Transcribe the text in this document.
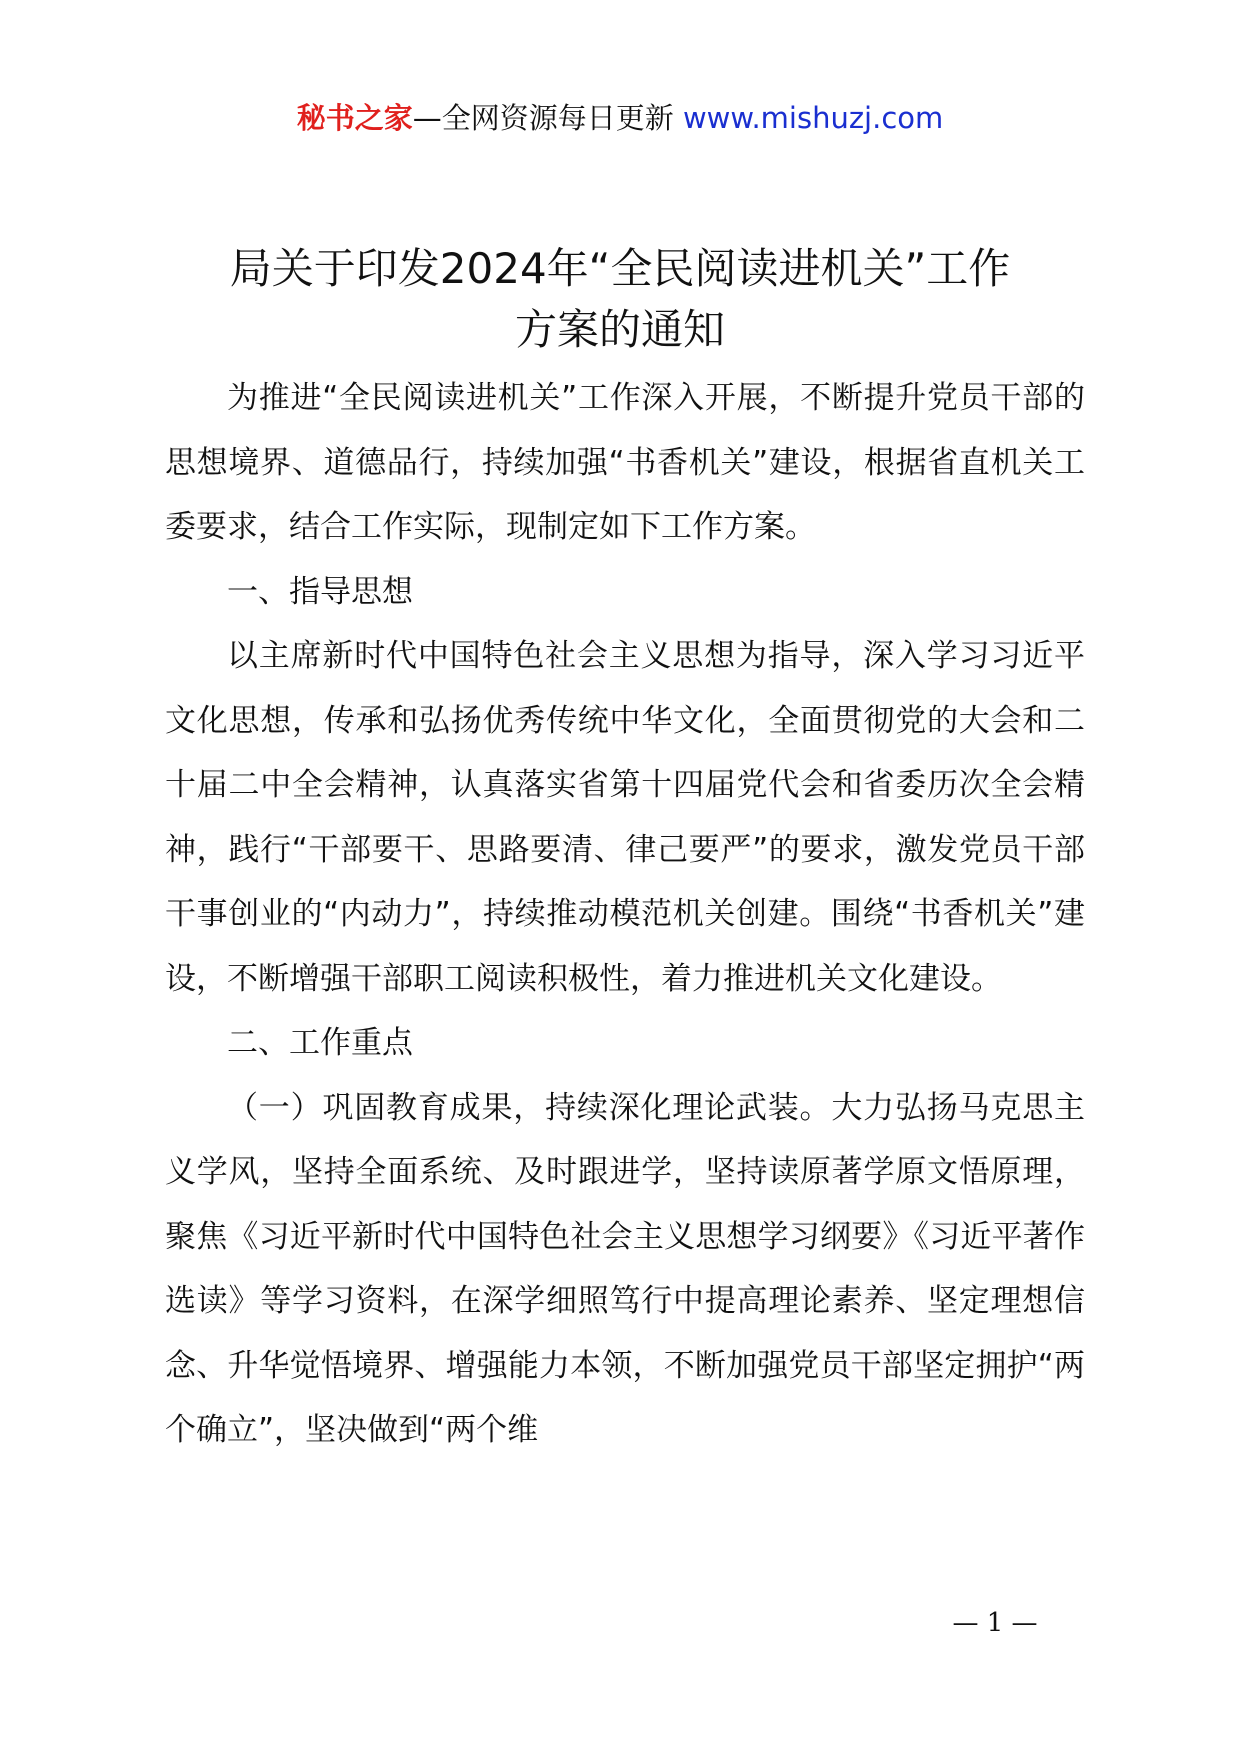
秘书之家—全网资源每日更新 www.mishuzj.com
局关于印发2024年“全民阅读进机关”工作
方案的通知

为推进“全民阅读进机关”工作深入开展，不断提升党员干部的思想境界、道德品行，持续加强“书香机关”建设，根据省直机关工委要求，结合工作实际，现制定如下工作方案。

一、指导思想

以主席新时代中国特色社会主义思想为指导，深入学习习近平文化思想，传承和弘扬优秀传统中华文化，全面贯彻党的大会和二十届二中全会精神，认真落实省第十四届党代会和省委历次全会精神，践行“干部要干、思路要清、律己要严”的要求，激发党员干部干事创业的“内动力”，持续推动模范机关创建。围绕“书香机关”建设，不断增强干部职工阅读积极性，着力推进机关文化建设。

二、工作重点

（一）巩固教育成果，持续深化理论武装。大力弘扬马克思主义学风，坚持全面系统、及时跟进学，坚持读原著学原文悟原理，聚焦《习近平新时代中国特色社会主义思想学习纲要》《习近平著作选读》等学习资料，在深学细照笃行中提高理论素养、坚定理想信念、升华觉悟境界、增强能力本领，不断加强党员干部坚定拥护“两个确立”，坚决做到“两个维

— 1 —
